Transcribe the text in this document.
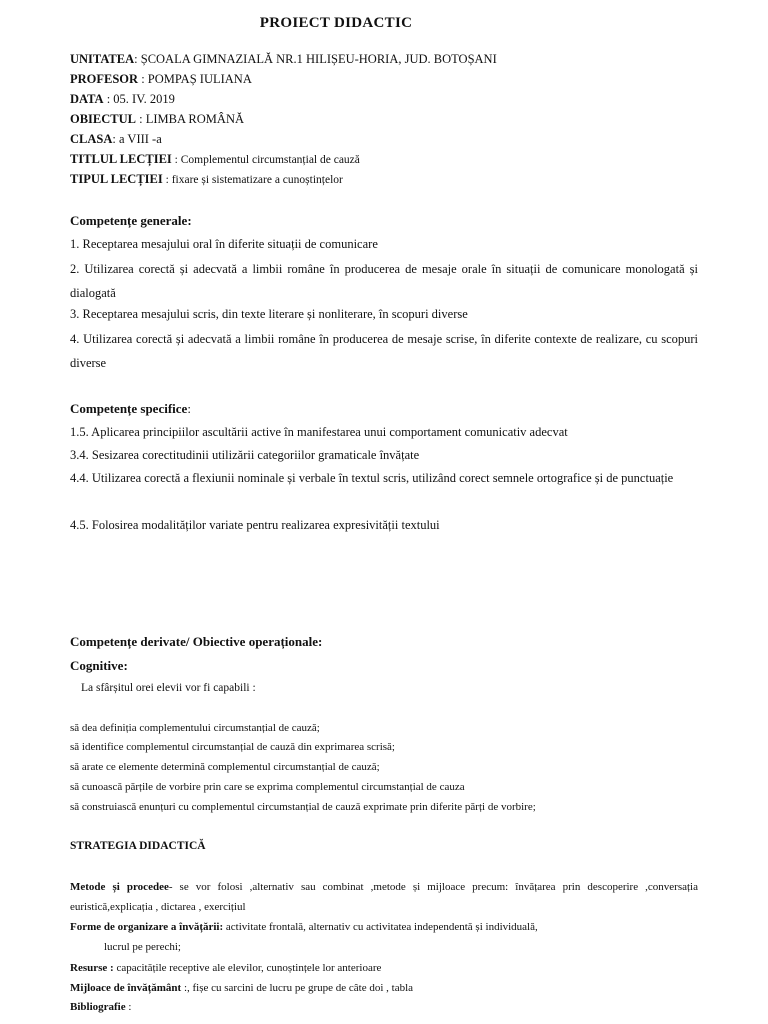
PROIECT DIDACTIC
UNITATEA: ȘCOALA GIMNAZIALĂ NR.1 HILIȘEU-HORIA, JUD. BOTOȘANI
PROFESOR : POMPAȘ IULIANA
DATA : 05. IV. 2019
OBIECTUL : LIMBA ROMÂNĂ
CLASA: a VIII -a
TITLUL LECȚIEI : Complementul circumstanțial de cauză
TIPUL LECȚIEI : fixare și sistematizare a cunoștințelor
Competențe generale:
1. Receptarea mesajului oral în diferite situații de comunicare
2. Utilizarea corectă și adecvată a limbii române în producerea de mesaje orale în situații de comunicare monologată și dialogată
3. Receptarea mesajului scris, din texte literare și nonliterare, în scopuri diverse
4. Utilizarea corectă și adecvată a limbii române în producerea de mesaje scrise, în diferite contexte de realizare, cu scopuri diverse
Competențe specifice:
1.5. Aplicarea principiilor ascultării active în manifestarea unui comportament comunicativ adecvat
3.4. Sesizarea corectitudinii utilizării categoriilor gramaticale învățate
4.4. Utilizarea corectă a flexiunii nominale și verbale în textul scris, utilizând corect semnele ortografice și de punctuație
4.5. Folosirea modalităților variate pentru realizarea expresivității textului
Competențe derivate/ Obiective operaționale:
Cognitive:
La sfârșitul orei elevii vor fi capabili :
să dea definiția complementului circumstanțial de cauză;
să identifice complementul circumstanțial de cauză din exprimarea scrisă;
să arate ce elemente determină complementul circumstanțial de cauză;
să cunoască părțile de vorbire prin care se exprima complementul circumstanțial de cauza
să construiască enunțuri cu complementul circumstanțial de cauză exprimate prin diferite părți de vorbire;
STRATEGIA DIDACTICĂ
Metode și procedee- se vor folosi ,alternativ sau combinat ,metode și mijloace precum: învățarea prin descoperire ,conversația euristică,explicația , dictarea , exercițiul
Forme de organizare a învățării: activitate frontală, alternativ cu activitatea independentă și individuală,
lucrul pe perechi;
Resurse : capacitățile receptive ale elevilor, cunoștințele lor anterioare
Mijloace de învățământ :, fișe cu sarcini de lucru pe grupe de câte doi , tabla
Bibliografie :
